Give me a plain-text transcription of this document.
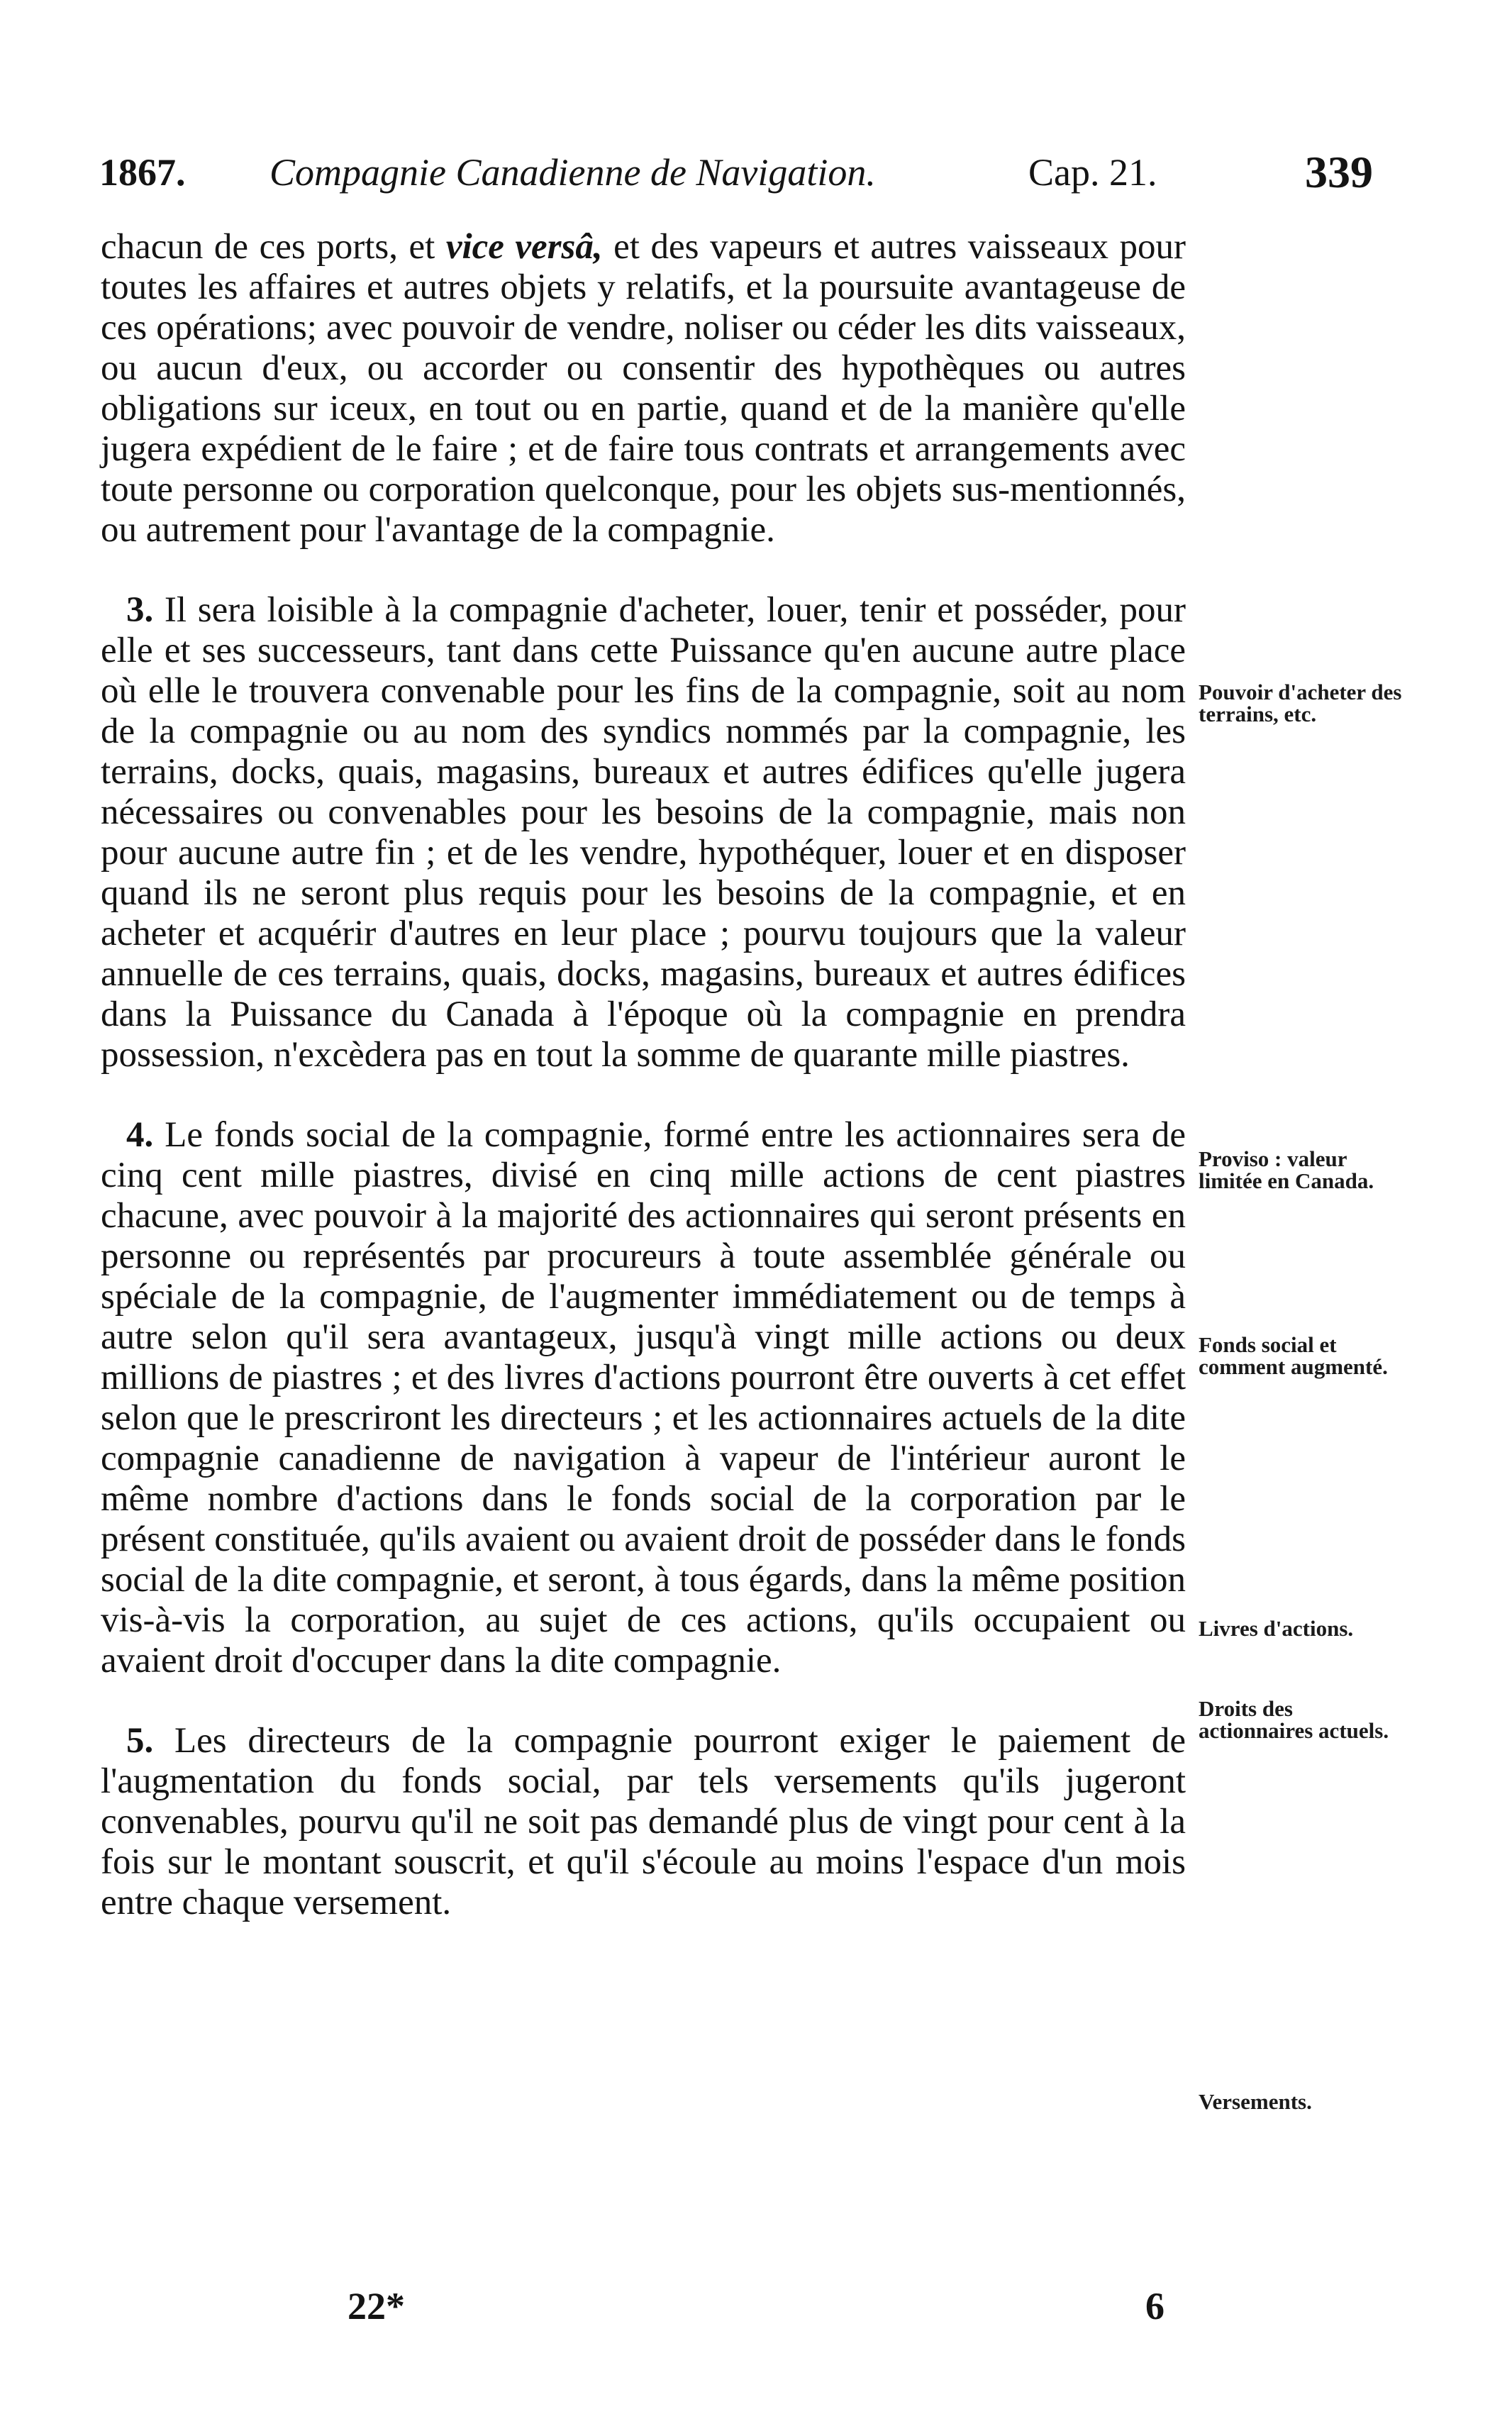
1867. Compagnie Canadienne de Navigation.	Cap. 21.	339

chacun de ces ports, et vice versâ, et des vapeurs et autres vaisseaux pour toutes les affaires et autres objets y relatifs, et la poursuite avantageuse de ces opérations; avec pouvoir de vendre, noliser ou céder les dits vaisseaux, ou aucun d'eux, ou accorder ou consentir des hypothèques ou autres obligations sur iceux, en tout ou en partie, quand et de la manière qu'elle jugera expédient de le faire ; et de faire tous contrats et arrangements avec toute personne ou corporation quelconque, pour les objets sus-mentionnés, ou autrement pour l'avantage de la compagnie.

3. Il sera loisible à la compagnie d'acheter, louer, tenir et posséder, pour elle et ses successeurs, tant dans cette Puissance qu'en aucune autre place où elle le trouvera convenable pour les fins de la compagnie, soit au nom de la compagnie ou au nom des syndics nommés par la compagnie, les terrains, docks, quais, magasins, bureaux et autres édifices qu'elle jugera nécessaires ou convenables pour les besoins de la compagnie, mais non pour aucune autre fin ; et de les vendre, hypothéquer, louer et en disposer quand ils ne seront plus requis pour les besoins de la compagnie, et en acheter et acquérir d'autres en leur place ; pourvu toujours que la valeur annuelle de ces terrains, quais, docks, magasins, bureaux et autres édifices dans la Puissance du Canada à l'époque où la compagnie en prendra possession, n'excèdera pas en tout la somme de quarante mille piastres.

4. Le fonds social de la compagnie, formé entre les actionnaires sera de cinq cent mille piastres, divisé en cinq mille actions de cent piastres chacune, avec pouvoir à la majorité des actionnaires qui seront présents en personne ou représentés par procureurs à toute assemblée générale ou spéciale de la compagnie, de l'augmenter immédiatement ou de temps à autre selon qu'il sera avantageux, jusqu'à vingt mille actions ou deux millions de piastres ; et des livres d'actions pourront être ouverts à cet effet selon que le prescriront les directeurs ; et les actionnaires actuels de la dite compagnie canadienne de navigation à vapeur de l'intérieur auront le même nombre d'actions dans le fonds social de la corporation par le présent constituée, qu'ils avaient ou avaient droit de posséder dans le fonds social de la dite compagnie, et seront, à tous égards, dans la même position vis-à-vis la corporation, au sujet de ces actions, qu'ils occupaient ou avaient droit d'occuper dans la dite compagnie.

5. Les directeurs de la compagnie pourront exiger le paiement de l'augmentation du fonds social, par tels versements qu'ils jugeront convenables, pourvu qu'il ne soit pas demandé plus de vingt pour cent à la fois sur le montant souscrit, et qu'il s'écoule au moins l'espace d'un mois entre chaque versement.

Pouvoir d'acheter des terrains, etc.
Proviso : valeur limitée en Canada.
Fonds social et comment augmenté.
Livres d'actions.
Droits des actionnaires actuels.
Versements.
22*	6
